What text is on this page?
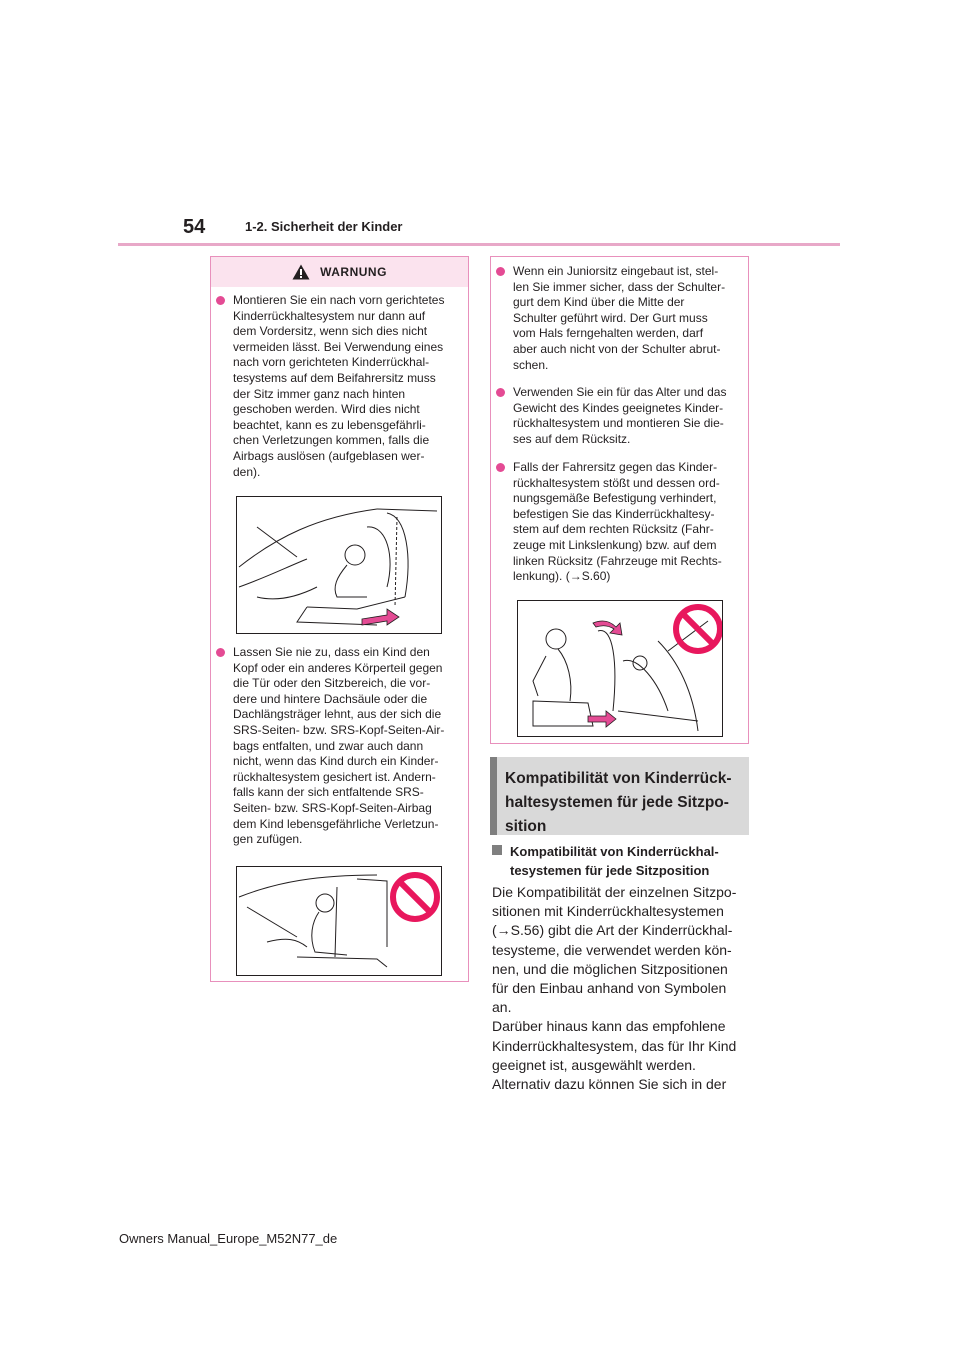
54	1-2. Sicherheit der Kinder
WARNUNG
Montieren Sie ein nach vorn gerichtetes
Kinderrückhaltesystem nur dann auf
dem Vordersitz, wenn sich dies nicht
vermeiden lässt. Bei Verwendung eines
nach vorn gerichteten Kinderrückhal-
tesystems auf dem Beifahrersitz muss
der Sitz immer ganz nach hinten
geschoben werden. Wird dies nicht
beachtet, kann es zu lebensgefährli-
chen Verletzungen kommen, falls die
Airbags auslösen (aufgeblasen wer-
den).
Lassen Sie nie zu, dass ein Kind den
Kopf oder ein anderes Körperteil gegen
die Tür oder den Sitzbereich, die vor-
dere und hintere Dachsäule oder die
Dachlängsträger lehnt, aus der sich die
SRS-Seiten- bzw. SRS-Kopf-Seiten-Air-
bags entfalten, und zwar auch dann
nicht, wenn das Kind durch ein Kinder-
rückhaltesystem gesichert ist. Andern-
falls kann der sich entfaltende SRS-
Seiten- bzw. SRS-Kopf-Seiten-Airbag
dem Kind lebensgefährliche Verletzun-
gen zufügen.
Wenn ein Juniorsitz eingebaut ist, stel-
len Sie immer sicher, dass der Schulter-
gurt dem Kind über die Mitte der
Schulter geführt wird. Der Gurt muss
vom Hals ferngehalten werden, darf
aber auch nicht von der Schulter abrut-
schen.
Verwenden Sie ein für das Alter und das
Gewicht des Kindes geeignetes Kinder-
rückhaltesystem und montieren Sie die-
ses auf dem Rücksitz.
Falls der Fahrersitz gegen das Kinder-
rückhaltesystem stößt und dessen ord-
nungsgemäße Befestigung verhindert,
befestigen Sie das Kinderrückhaltesy-
stem auf dem rechten Rücksitz (Fahr-
zeuge mit Linkslenkung) bzw. auf dem
linken Rücksitz (Fahrzeuge mit Rechts-
lenkung). (→S.60)
Kompatibilität von Kinderrück-
haltesystemen für jede Sitzpo-
sition
Kompatibilität von Kinderrückhal-
tesystemen für jede Sitzposition
Die Kompatibilität der einzelnen Sitzpo-
sitionen mit Kinderrückhaltesystemen
(→S.56) gibt die Art der Kinderrückhal-
tesysteme, die verwendet werden kön-
nen, und die möglichen Sitzpositionen
für den Einbau anhand von Symbolen
an.
Darüber hinaus kann das empfohlene
Kinderrückhaltesystem, das für Ihr Kind
geeignet ist, ausgewählt werden.
Alternativ dazu können Sie sich in der
Owners Manual_Europe_M52N77_de
